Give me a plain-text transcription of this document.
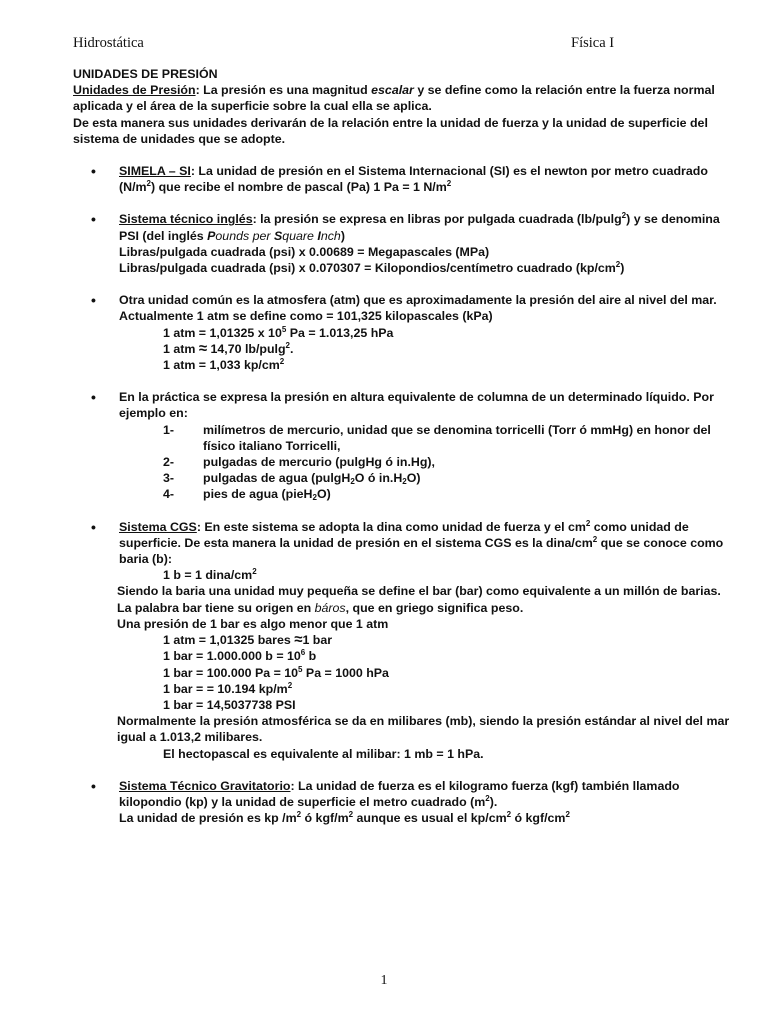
Hidrostática	Física I

UNIDADES DE PRESIÓN

Unidades de Presión: La presión es una magnitud escalar y se define como la relación entre la fuerza normal aplicada y el área de la superficie sobre la cual ella se aplica.

De esta manera sus unidades derivarán de la relación entre la unidad de fuerza y la unidad de superficie del sistema de unidades que se adopte.

• SIMELA – SI: La unidad de presión en el Sistema Internacional (SI) es el newton por metro cuadrado $(N/m^2)$ que recibe el nombre de pascal (Pa) 1 Pa = 1 $N/m^2$

• Sistema técnico inglés: la presión se expresa en libras por pulgada cuadrada (lb/pulg$^2$) y se denomina PSI (del inglés Pounds per Square Inch)

Libras/pulgada cuadrada (psi) x 0.00689 = Megapascales (MPa)

Libras/pulgada cuadrada (psi) x 0.070307 = Kilopondios/centímetro cuadrado $(kp/cm^2)$

• Otra unidad común es la atmosfera (atm) que es aproximadamente la presión del aire al nivel del mar.

Actualmente 1 atm se define como = 101,325 kilopascales (kPa)

1 atm = 1,01325 x $10^5$ Pa = 1.013,25 hPa

1 atm ≈ 14,70 lb/pulg$^2$.

1 atm = 1,033 $kp/cm^2$

• En la práctica se expresa la presión en altura equivalente de columna de un determinado líquido. Por ejemplo en:

1- milímetros de mercurio, unidad que se denomina torricelli (Torr ó mmHg) en honor del físico italiano Torricelli,
2- pulgadas de mercurio (pulgHg ó in.Hg),
3- pulgadas de agua (pulgH$_2$O ó $in.H_2O$)
4- pies de agua (pieH$_2$O)

• Sistema CGS: En este sistema se adopta la dina como unidad de fuerza y el $cm^2$ como unidad de superficie. De esta manera la unidad de presión en el sistema CGS es la dina/$cm^2$ que se conoce como baria (b):

1 b = 1 dina/$cm^2$

Siendo la baria una unidad muy pequeña se define el bar (bar) como equivalente a un millón de barias.

La palabra bar tiene su origen en báros, que en griego significa peso.

Una presión de 1 bar es algo menor que 1 atm

1 atm = 1,01325 bares ≈1 bar

1 bar = 1.000.000 $b = 10^6$ b

1 bar = 100.000 $Pa = 10^5$ Pa = 1000 hPa

1 bar = = 10.194 $kp/m^2$

1 bar = 14,5037738 PSI

Normalmente la presión atmosférica se da en milibares (mb), siendo la presión estándar al nivel del mar igual a 1.013,2 milibares.

El hectopascal es equivalente al milibar: 1 mb = 1 hPa.

• Sistema Técnico Gravitatorio: La unidad de fuerza es el kilogramo fuerza (kgf) también llamado kilopondio (kp) y la unidad de superficie el metro cuadrado $(m^2)$.

La unidad de presión es kp $/m^2$ ó kgf/$m^2$ aunque es usual el $kp/cm^2$ ó kgf/$cm^2$

1
